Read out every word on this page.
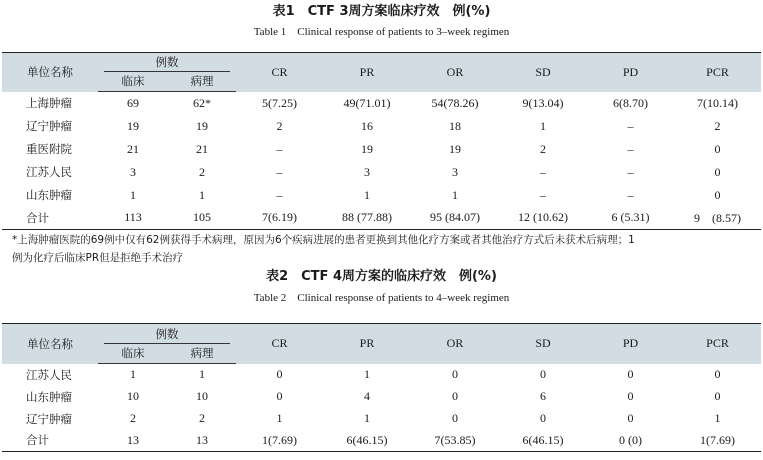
表1　CTF 3周方案临床疗效　例(%)
Table 1　Clinical response of patients to 3–week regimen
单位名称	例数		CR	PR	OR	SD	PD	PCR
	临床	病理						
上海肿瘤	69	62*	5(7.25)	49(71.01)	54(78.26)	9(13.04)	6(8.70)	7(10.14)
辽宁肿瘤	19	19	2	16	18	1	–	2
重医附院	21	21	–	19	19	2	–	0
江苏人民	3	2	–	3	3	–	–	0
山东肿瘤	1	1	–	1	1	–	–	0
合计	113	105	7(6.19)	88 (77.88)	95 (84.07)	12 (10.62)	6 (5.31)	9　(8.57)
*上海肿瘤医院的69例中仅有62例获得手术病理，原因为6个疾病进展的患者更换到其他化疗方案或者其他治疗方式后未获术后病理；1
例为化疗后临床PR但是拒绝手术治疗
表2　CTF 4周方案的临床疗效　例(%)
Table 2　Clinical response of patients to 4–week regimen
单位名称	例数		CR	PR	OR	SD	PD	PCR
	临床	病理						
江苏人民	1	1	0	1	0	0	0	0
山东肿瘤	10	10	0	4	0	6	0	0
辽宁肿瘤	2	2	1	1	0	0	0	1
合计	13	13	1(7.69)	6(46.15)	7(53.85)	6(46.15)	0 (0)	1(7.69)
